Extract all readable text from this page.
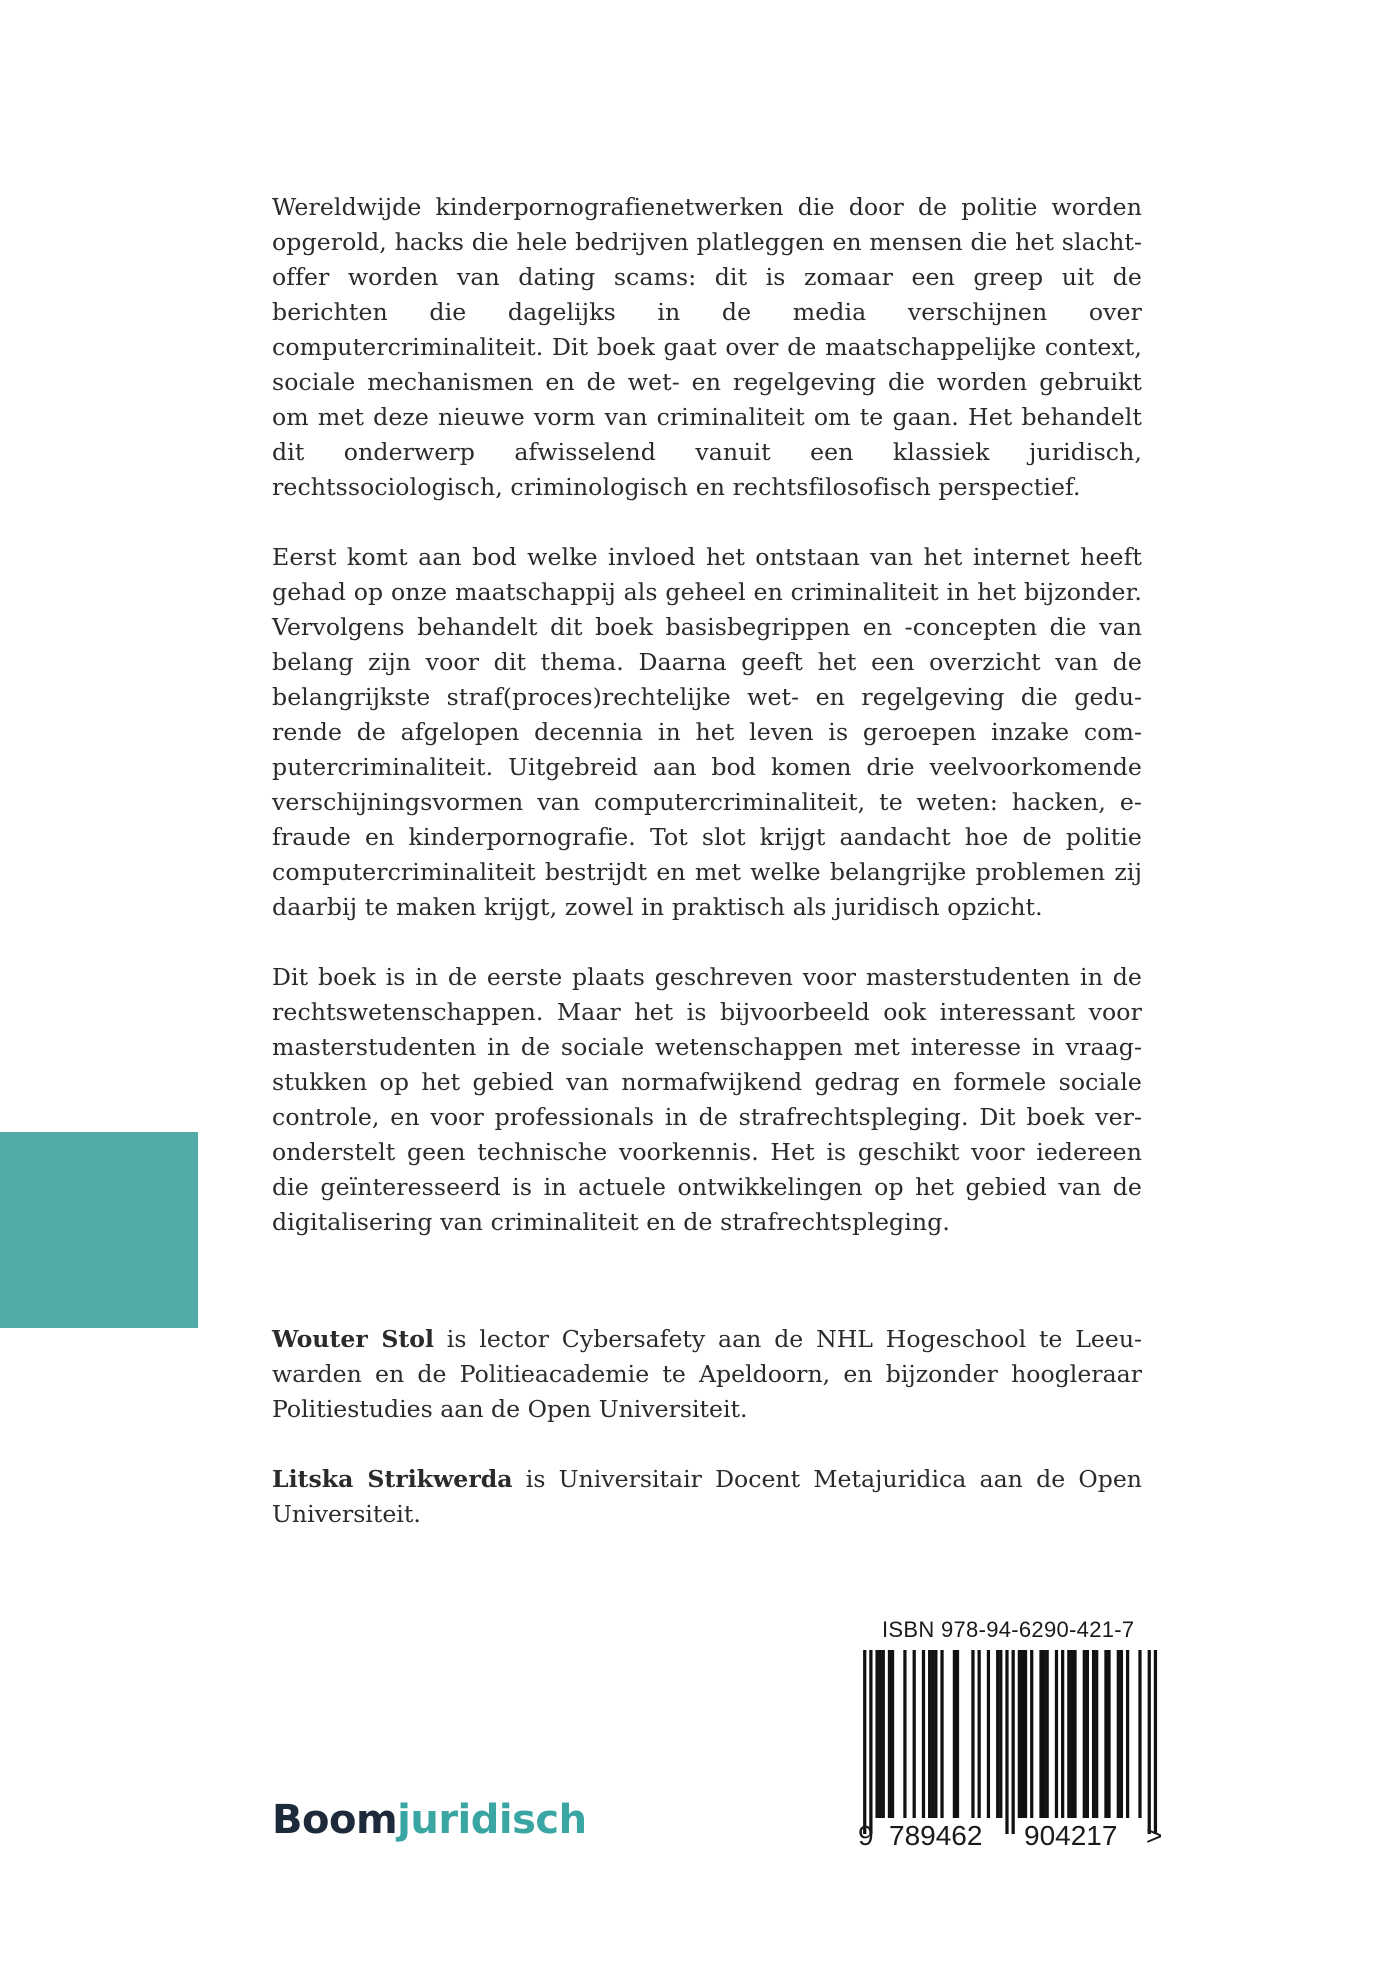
Wereldwijde kinderpornografienetwerken die door de politie worden opgerold, hacks die hele bedrijven platleggen en mensen die het slachtoffer worden van dating scams: dit is zomaar een greep uit de berichten die dagelijks in de media verschijnen over computercriminaliteit. Dit boek gaat over de maatschappelijke context, sociale mechanismen en de wet- en regelgeving die worden gebruikt om met deze nieuwe vorm van criminaliteit om te gaan. Het behandelt dit onderwerp afwisselend vanuit een klassiek juridisch, rechtssociologisch, criminologisch en rechtsfilosofisch perspectief.

Eerst komt aan bod welke invloed het ontstaan van het internet heeft gehad op onze maatschappij als geheel en criminaliteit in het bijzonder. Vervolgens behandelt dit boek basisbegrippen en -concepten die van belang zijn voor dit thema. Daarna geeft het een overzicht van de belangrijkste straf(proces)rechtelijke wet- en regelgeving die gedurende de afgelopen decennia in het leven is geroepen inzake computercriminaliteit. Uitgebreid aan bod komen drie veelvoorkomende verschijningsvormen van computercriminaliteit, te weten: hacken, e-fraude en kinderpornografie. Tot slot krijgt aandacht hoe de politie computercriminaliteit bestrijdt en met welke belangrijke problemen zij daarbij te maken krijgt, zowel in praktisch als juridisch opzicht.

Dit boek is in de eerste plaats geschreven voor masterstudenten in de rechtswetenschappen. Maar het is bijvoorbeeld ook interessant voor masterstudenten in de sociale wetenschappen met interesse in vraagstukken op het gebied van normafwijkend gedrag en formele sociale controle, en voor professionals in de strafrechtspleging. Dit boek veronderstelt geen technische voorkennis. Het is geschikt voor iedereen die geïnteresseerd is in actuele ontwikkelingen op het gebied van de digitalisering van criminaliteit en de strafrechtspleging.

Wouter Stol is lector Cybersafety aan de NHL Hogeschool te Leeuwarden en de Politieacademie te Apeldoorn, en bijzonder hoogleraar Politiestudies aan de Open Universiteit.

Litska Strikwerda is Universitair Docent Metajuridica aan de Open Universiteit.

Boomjuridisch
ISBN 978-94-6290-421-7
9 789462 904217 >
